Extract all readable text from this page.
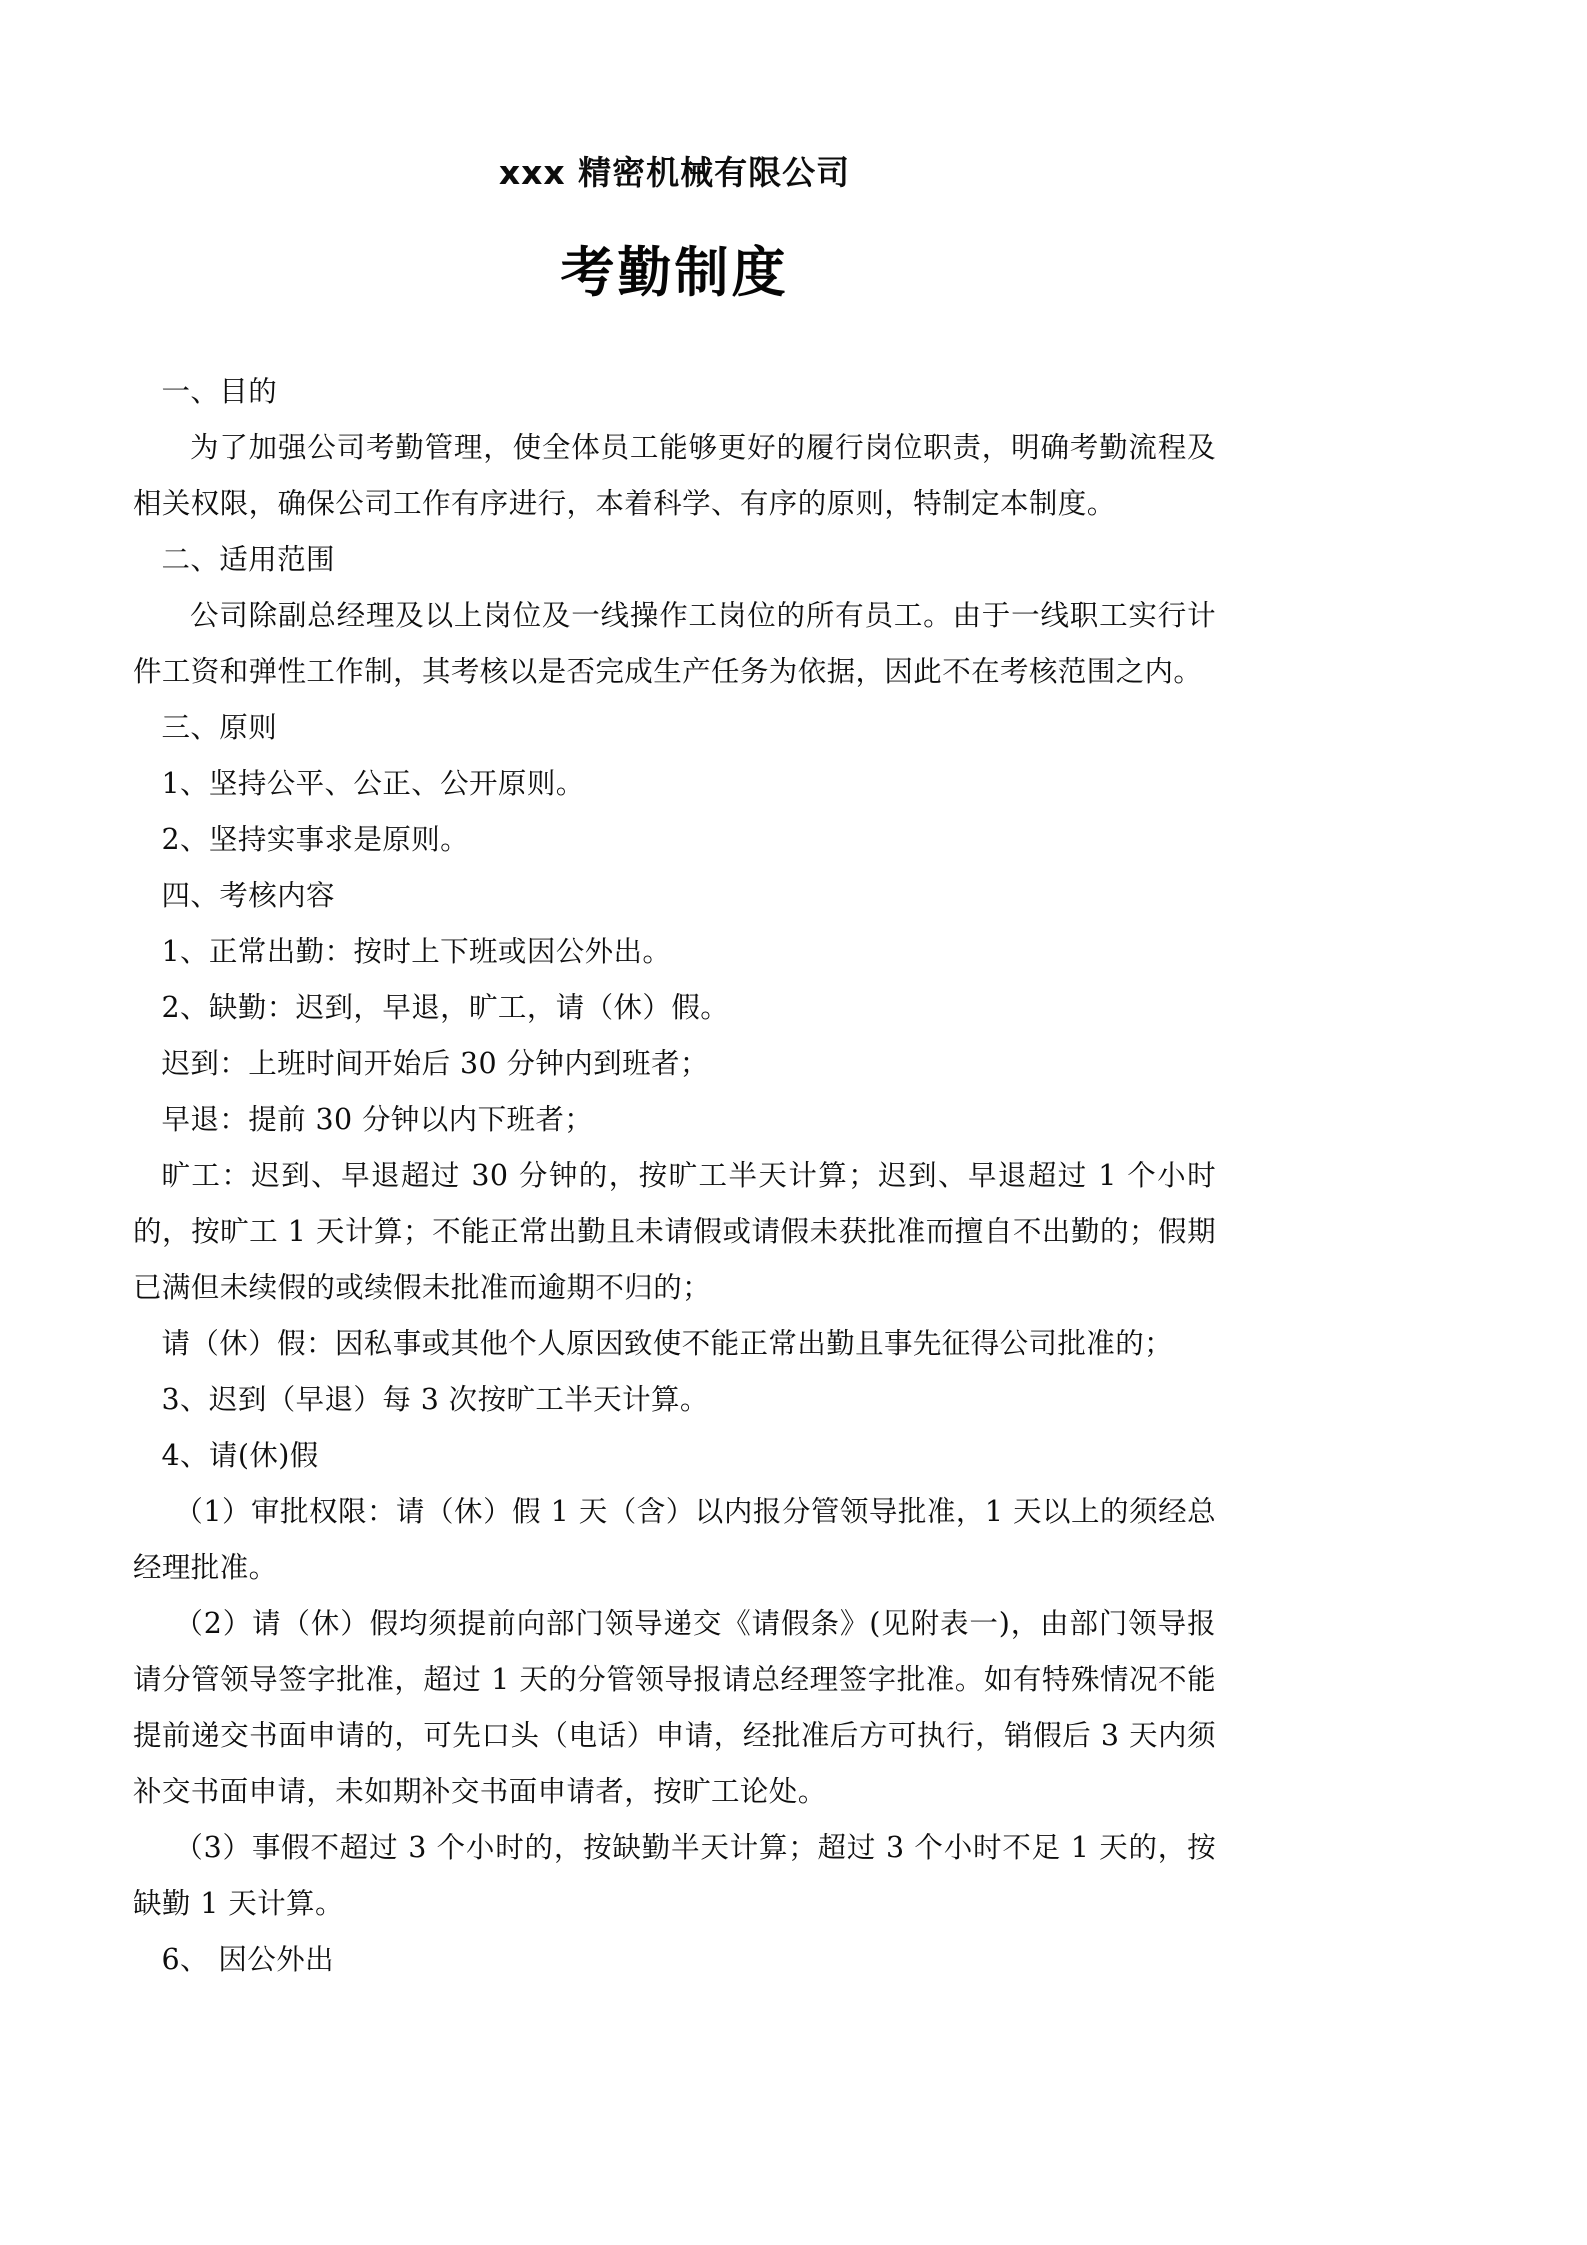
xxx 精密机械有限公司
考勤制度

一、目的

为了加强公司考勤管理，使全体员工能够更好的履行岗位职责，明确考勤流程及相关权限，确保公司工作有序进行，本着科学、有序的原则，特制定本制度。

二、适用范围

公司除副总经理及以上岗位及一线操作工岗位的所有员工。由于一线职工实行计件工资和弹性工作制，其考核以是否完成生产任务为依据，因此不在考核范围之内。

三、原则

1、坚持公平、公正、公开原则。

2、坚持实事求是原则。

四、考核内容

1、正常出勤：按时上下班或因公外出。

2、缺勤：迟到，早退，旷工，请（休）假。

迟到：上班时间开始后 30 分钟内到班者；

早退：提前 30 分钟以内下班者；

旷工：迟到、早退超过 30 分钟的，按旷工半天计算；迟到、早退超过 1 个小时的，按旷工 1 天计算；不能正常出勤且未请假或请假未获批准而擅自不出勤的；假期已满但未续假的或续假未批准而逾期不归的；

请（休）假：因私事或其他个人原因致使不能正常出勤且事先征得公司批准的；

3、迟到（早退）每 3 次按旷工半天计算。

4、请(休)假

（1）审批权限：请（休）假 1 天（含）以内报分管领导批准，1 天以上的须经总经理批准。

（2）请（休）假均须提前向部门领导递交《请假条》(见附表一)，由部门领导报请分管领导签字批准，超过 1 天的分管领导报请总经理签字批准。如有特殊情况不能提前递交书面申请的，可先口头（电话）申请，经批准后方可执行，销假后 3 天内须补交书面申请，未如期补交书面申请者，按旷工论处。

（3）事假不超过 3 个小时的，按缺勤半天计算；超过 3 个小时不足 1 天的，按缺勤 1 天计算。

6、 因公外出
